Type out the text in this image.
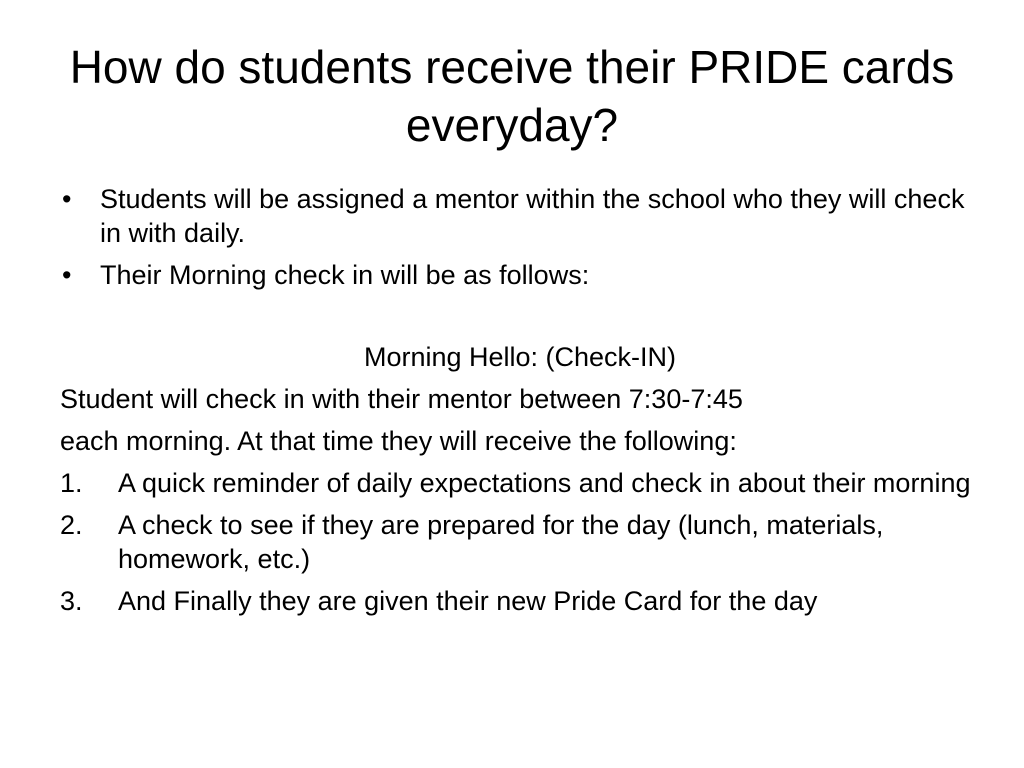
How do students receive their PRIDE cards everyday?
• Students will be assigned a mentor within the school who they will check in with daily.
• Their Morning check in will be as follows:
Morning Hello: (Check-IN)
Student will check in with their mentor between 7:30-7:45
each morning. At that time they will receive the following:
1. A quick reminder of daily expectations and check in about their morning
2. A check to see if they are prepared for the day (lunch, materials, homework, etc.)
3. And Finally they are given their new Pride Card for the day
